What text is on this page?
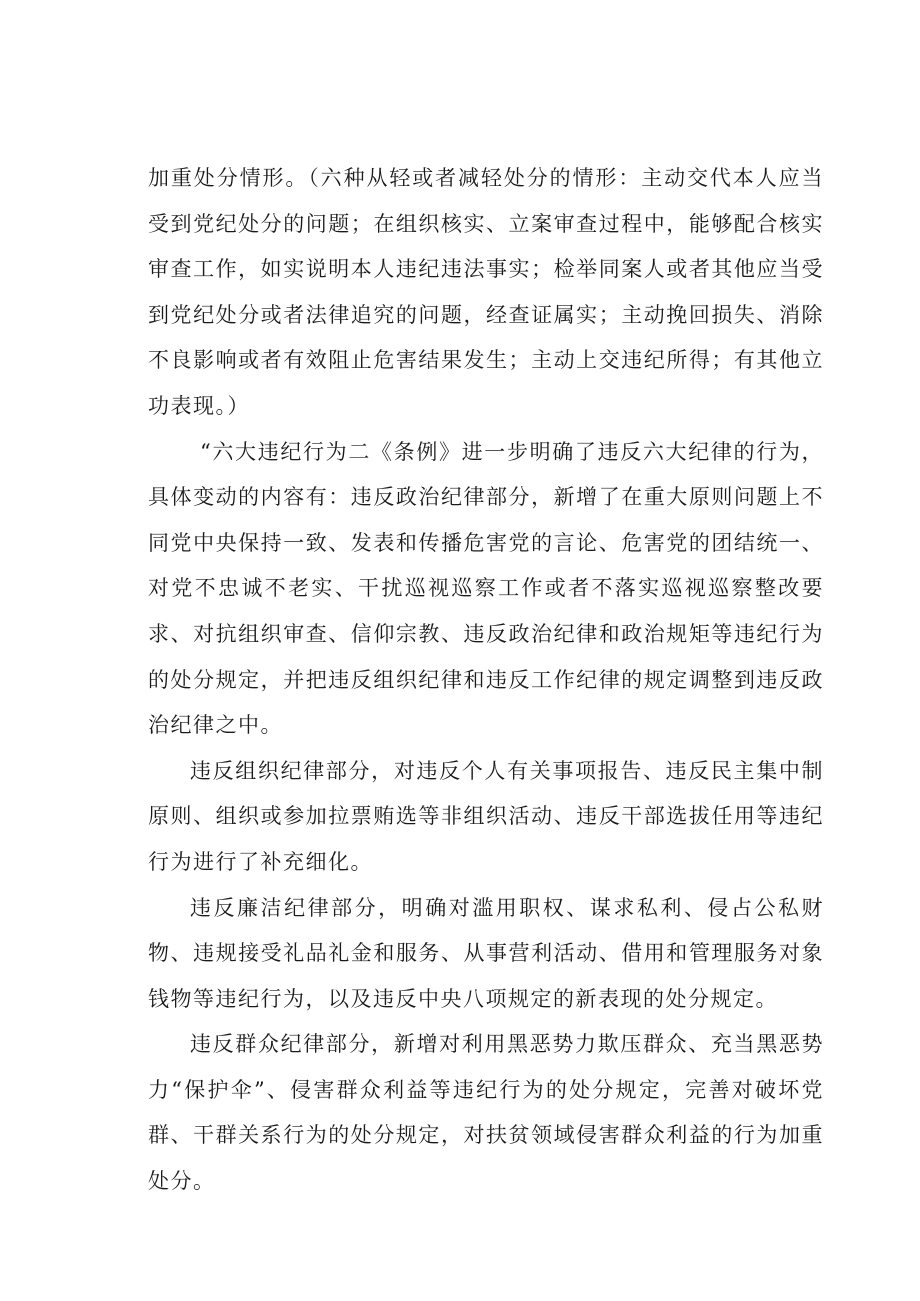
加重处分情形。（六种从轻或者减轻处分的情形：主动交代本人应当受到党纪处分的问题；在组织核实、立案审查过程中，能够配合核实审查工作，如实说明本人违纪违法事实；检举同案人或者其他应当受到党纪处分或者法律追究的问题，经查证属实；主动挽回损失、消除不良影响或者有效阻止危害结果发生；主动上交违纪所得；有其他立功表现。）

“六大违纪行为二《条例》进一步明确了违反六大纪律的行为，具体变动的内容有：违反政治纪律部分，新增了在重大原则问题上不同党中央保持一致、发表和传播危害党的言论、危害党的团结统一、对党不忠诚不老实、干扰巡视巡察工作或者不落实巡视巡察整改要求、对抗组织审查、信仰宗教、违反政治纪律和政治规矩等违纪行为的处分规定，并把违反组织纪律和违反工作纪律的规定调整到违反政治纪律之中。

违反组织纪律部分，对违反个人有关事项报告、违反民主集中制原则、组织或参加拉票贿选等非组织活动、违反干部选拔任用等违纪行为进行了补充细化。

违反廉洁纪律部分，明确对滥用职权、谋求私利、侵占公私财物、违规接受礼品礼金和服务、从事营利活动、借用和管理服务对象钱物等违纪行为，以及违反中央八项规定的新表现的处分规定。

违反群众纪律部分，新增对利用黑恶势力欺压群众、充当黑恶势力“保护伞”、侵害群众利益等违纪行为的处分规定，完善对破坏党群、干群关系行为的处分规定，对扶贫领域侵害群众利益的行为加重处分。
